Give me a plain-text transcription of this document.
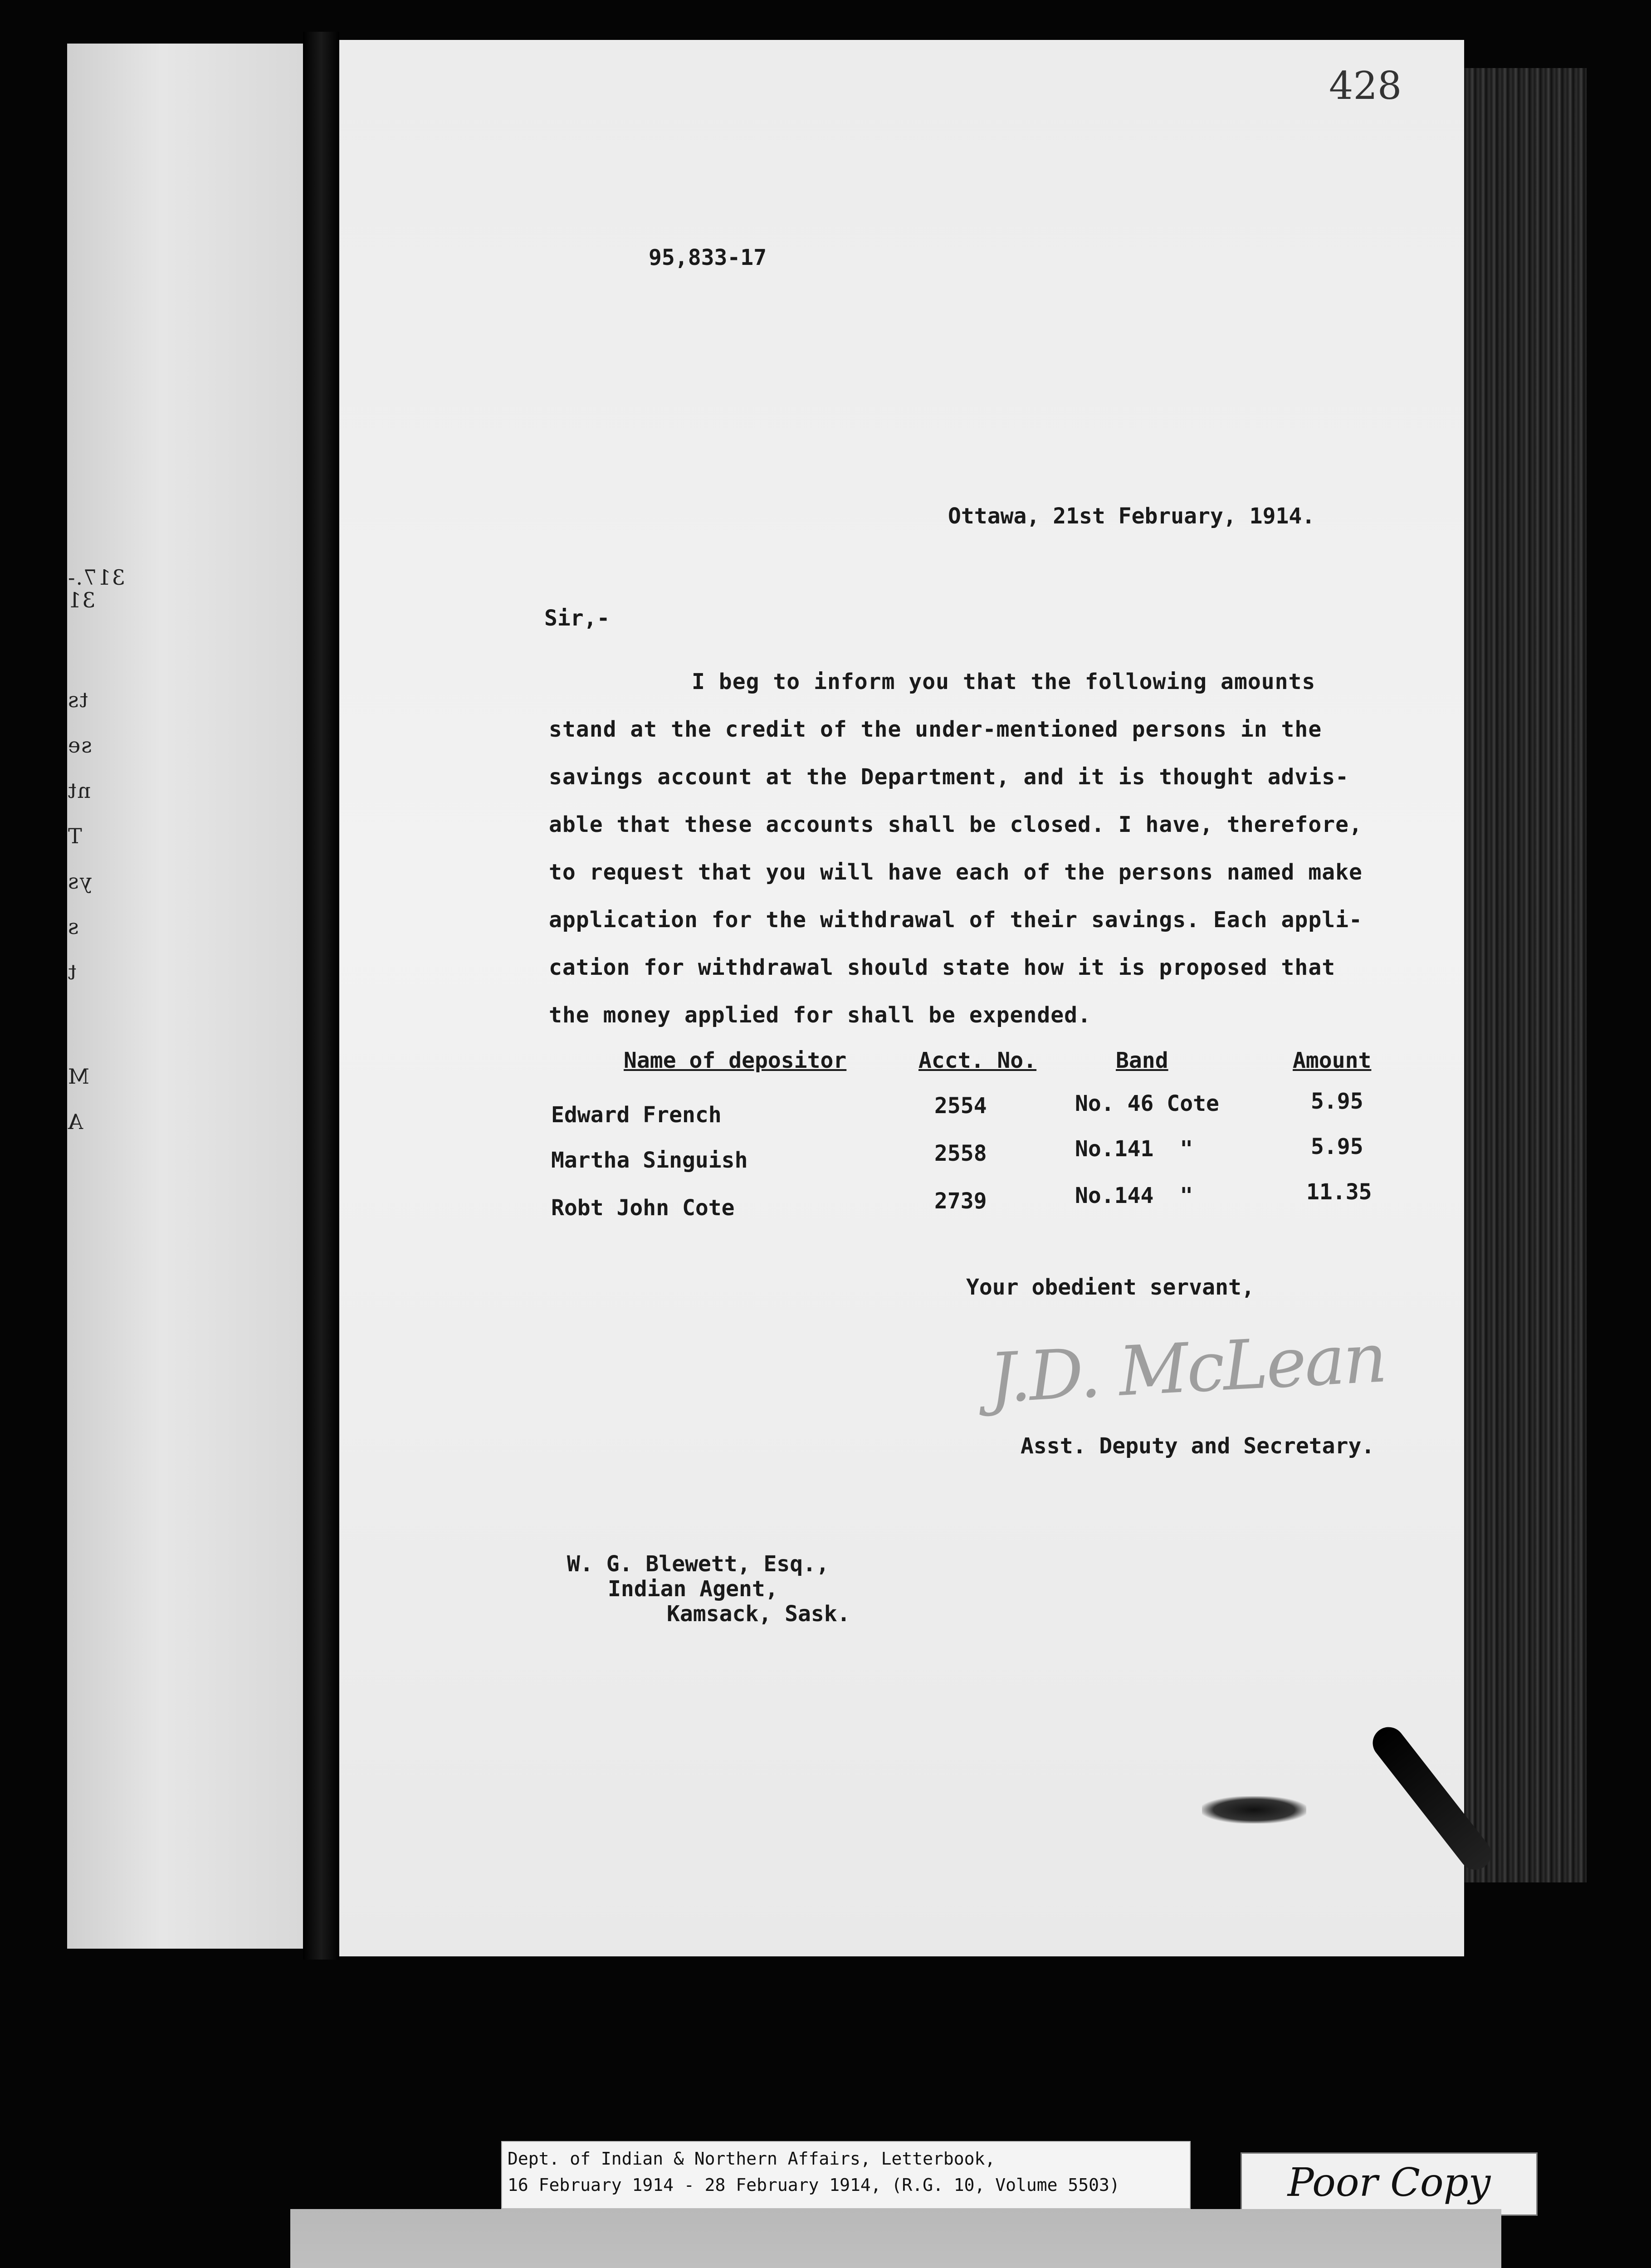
317.-
31
ts
se
nt
T
ys
s
t
M
A
428
95,833-17
Ottawa, 21st February, 1914.
Sir,-
I beg to inform you that the following amounts
stand at the credit of the under-mentioned persons in the
savings account at the Department, and it is thought advis-
able that these accounts shall be closed. I have, therefore,
to request that you will have each of the persons named make
application for the withdrawal of their savings. Each appli-
cation for withdrawal should state how it is proposed that
the money applied for shall be expended.
Name of depositor	Acct. No.	Band	Amount
Edward French	2554	No. 46 Cote	5.95
Martha Singuish	2558	No.141  "	5.95
Robt John Cote	2739	No.144  "	11.35
Your obedient servant,
J.D. McLean
Asst. Deputy and Secretary.
W. G. Blewett, Esq.,
Indian Agent,
Kamsack, Sask.
Dept. of Indian & Northern Affairs, Letterbook,
16 February 1914 - 28 February 1914, (R.G. 10, Volume 5503)	Poor Copy
